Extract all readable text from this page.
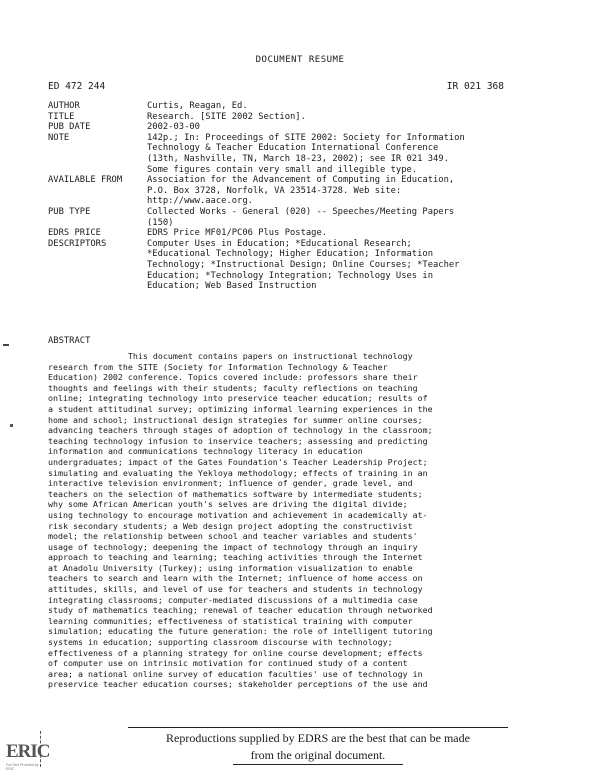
DOCUMENT RESUME
ED 472 244	IR 021 368
AUTHOR	Curtis, Reagan, Ed.
TITLE	Research. [SITE 2002 Section].
PUB DATE	2002-03-00
NOTE	142p.; In: Proceedings of SITE 2002: Society for Information
Technology & Teacher Education International Conference
(13th, Nashville, TN, March 18-23, 2002); see IR 021 349.
Some figures contain very small and illegible type.
AVAILABLE FROM	Association for the Advancement of Computing in Education,
P.O. Box 3728, Norfolk, VA 23514-3728. Web site:
http://www.aace.org.
PUB TYPE	Collected Works - General (020) -- Speeches/Meeting Papers
(150)
EDRS PRICE	EDRS Price MF01/PC06 Plus Postage.
DESCRIPTORS	Computer Uses in Education; *Educational Research;
*Educational Technology; Higher Education; Information
Technology; *Instructional Design; Online Courses; *Teacher
Education; *Technology Integration; Technology Uses in
Education; Web Based Instruction
ABSTRACT
This document contains papers on instructional technology
research from the SITE (Society for Information Technology & Teacher
Education) 2002 conference. Topics covered include: professors share their
thoughts and feelings with their students; faculty reflections on teaching
online; integrating technology into preservice teacher education; results of
a student attitudinal survey; optimizing informal learning experiences in the
home and school; instructional design strategies for summer online courses;
advancing teachers through stages of adoption of technology in the classroom;
teaching technology infusion to inservice teachers; assessing and predicting
information and communications technology literacy in education
undergraduates; impact of the Gates Foundation's Teacher Leadership Project;
simulating and evaluating the Yekloya methodology; effects of training in an
interactive television environment; influence of gender, grade level, and
teachers on the selection of mathematics software by intermediate students;
why some African American youth's selves are driving the digital divide;
using technology to encourage motivation and achievement in academically at-
risk secondary students; a Web design project adopting the constructivist
model; the relationship between school and teacher variables and students'
usage of technology; deepening the impact of technology through an inquiry
approach to teaching and learning; teaching activities through the Internet
at Anadolu University (Turkey); using information visualization to enable
teachers to search and learn with the Internet; influence of home access on
attitudes, skills, and level of use for teachers and students in technology
integrating classrooms; computer-mediated discussions of a multimedia case
study of mathematics teaching; renewal of teacher education through networked
learning communities; effectiveness of statistical training with computer
simulation; educating the future generation: the role of intelligent tutoring
systems in education; supporting classroom discourse with technology;
effectiveness of a planning strategy for online course development; effects
of computer use on intrinsic motivation for continued study of a content
area; a national online survey of education faculties' use of technology in
preservice teacher education courses; stakeholder perceptions of the use and
ERIC
Full Text Provided by ERIC
Reproductions supplied by EDRS are the best that can be made
from the original document.
